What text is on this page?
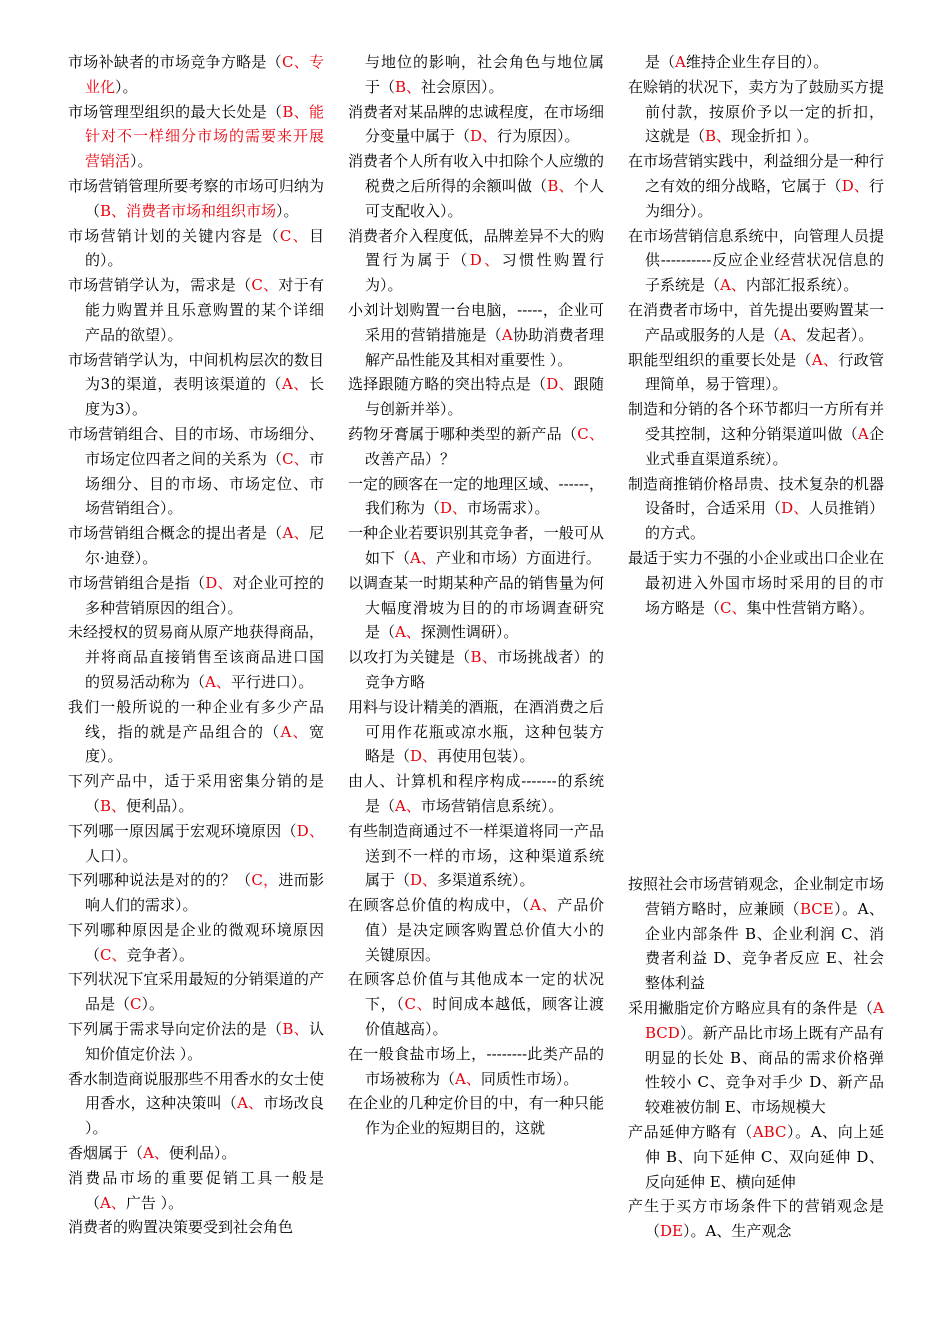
市场补缺者的市场竞争方略是（C、专业化）。
市场管理型组织的最大长处是（B、能针对不一样细分市场的需要来开展营销活）。
市场营销管理所要考察的市场可归纳为（B、消费者市场和组织市场）。
市场营销计划的关键内容是（C、目的）。
市场营销学认为，需求是（C、对于有能力购置并且乐意购置的某个详细产品的欲望）。
市场营销学认为，中间机构层次的数目为3的渠道，表明该渠道的（A、长度为3）。
市场营销组合、目的市场、市场细分、市场定位四者之间的关系为（C、市场细分、目的市场、市场定位、市场营销组合）。
市场营销组合概念的提出者是（A、尼尔·迪登）。
市场营销组合是指（D、对企业可控的多种营销原因的组合）。
未经授权的贸易商从原产地获得商品，并将商品直接销售至该商品进口国的贸易活动称为（A、平行进口）。
我们一般所说的一种企业有多少产品线，指的就是产品组合的（A、宽度）。
下列产品中，适于采用密集分销的是（B、便利品）。
下列哪一原因属于宏观环境原因（D、人口）。
下列哪种说法是对的的？（C，进而影响人们的需求）。
下列哪种原因是企业的微观环境原因（C、竞争者）。
下列状况下宜采用最短的分销渠道的产品是（C）。
下列属于需求导向定价法的是（B、认知价值定价法 ）。
香水制造商说服那些不用香水的女士使用香水，这种决策叫（A、市场改良 ）。
香烟属于（A、便利品）。
消费品市场的重要促销工具一般是（A、广告 ）。
消费者的购置决策要受到社会角色
与地位的影响，社会角色与地位属于（B、社会原因）。
消费者对某品牌的忠诚程度，在市场细分变量中属于（D、行为原因）。
消费者个人所有收入中扣除个人应缴的税费之后所得的余额叫做（B、个人可支配收入）。
消费者介入程度低，品牌差异不大的购置行为属于（D、习惯性购置行为）。
小刘计划购置一台电脑，-----，企业可采用的营销措施是（A协助消费者理解产品性能及其相对重要性 ）。
选择跟随方略的突出特点是（D、跟随与创新并举）。
药物牙膏属于哪种类型的新产品（C、改善产品）？
一定的顾客在一定的地理区域、------，我们称为（D、市场需求）。
一种企业若要识别其竞争者，一般可从如下（A、产业和市场）方面进行。
以调查某一时期某种产品的销售量为何大幅度滑坡为目的的市场调查研究是（A、探测性调研）。
以攻打为关键是（B、市场挑战者）的竞争方略
用料与设计精美的酒瓶，在酒消费之后可用作花瓶或凉水瓶，这种包装方略是（D、再使用包装）。
由人、计算机和程序构成-------的系统是（A、市场营销信息系统）。
有些制造商通过不一样渠道将同一产品送到不一样的市场，这种渠道系统属于（D、多渠道系统）。
在顾客总价值的构成中，（A、产品价值）是决定顾客购置总价值大小的关键原因。
在顾客总价值与其他成本一定的状况下，（C、时间成本越低，顾客让渡价值越高）。
在一般食盐市场上，--------此类产品的市场被称为（A、同质性市场）。
在企业的几种定价目的中，有一种只能作为企业的短期目的，这就
是（A维持企业生存目的）。
在赊销的状况下，卖方为了鼓励买方提前付款，按原价予以一定的折扣，这就是（B、现金折扣 ）。
在市场营销实践中，利益细分是一种行之有效的细分战略，它属于（D、行为细分）。
在市场营销信息系统中，向管理人员提供----------反应企业经营状况信息的子系统是（A、内部汇报系统）。
在消费者市场中，首先提出要购置某一产品或服务的人是（A、发起者）。
职能型组织的重要长处是（A、行政管理简单，易于管理）。
制造和分销的各个环节都归一方所有并受其控制，这种分销渠道叫做（A企业式垂直渠道系统）。
制造商推销价格昂贵、技术复杂的机器设备时，合适采用（D、人员推销）的方式。
最适于实力不强的小企业或出口企业在最初进入外国市场时采用的目的市场方略是（C、集中性营销方略）。
按照社会市场营销观念，企业制定市场营销方略时，应兼顾（BCE）。A、企业内部条件 B、企业利润 C、消费者利益 D、竞争者反应 E、社会整体利益
采用撇脂定价方略应具有的条件是（ABCD）。新产品比市场上既有产品有明显的长处 B、商品的需求价格弹性较小 C、竞争对手少 D、新产品较难被仿制 E、市场规模大
产品延伸方略有（ABC）。A、向上延伸 B、向下延伸 C、双向延伸 D、反向延伸 E、横向延伸
产生于买方市场条件下的营销观念是（DE）。A、生产观念
